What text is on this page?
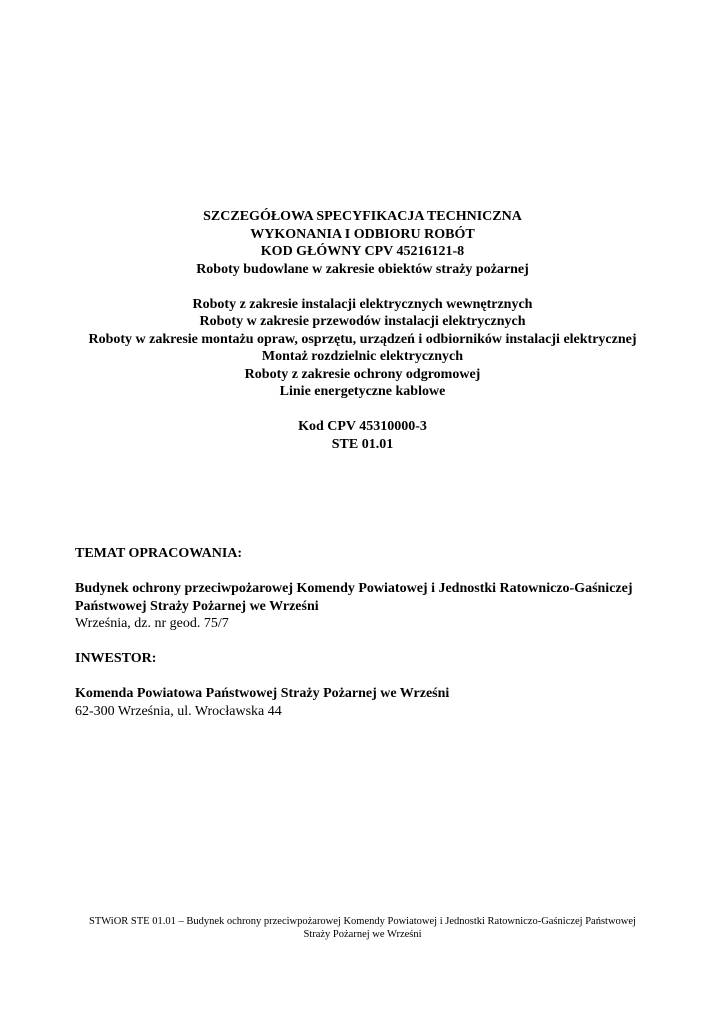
SZCZEGÓŁOWA SPECYFIKACJA TECHNICZNA
WYKONANIA I ODBIORU ROBÓT
KOD GŁÓWNY CPV 45216121-8
Roboty budowlane w zakresie obiektów straży pożarnej
Roboty z zakresie instalacji elektrycznych wewnętrznych
Roboty w zakresie przewodów instalacji elektrycznych
Roboty w zakresie montażu opraw, osprzętu, urządzeń i odbiorników instalacji elektrycznej
Montaż rozdzielnic elektrycznych
Roboty z zakresie ochrony odgromowej
Linie energetyczne kablowe
Kod CPV 45310000-3
STE 01.01
TEMAT OPRACOWANIA:
Budynek ochrony przeciwpożarowej Komendy Powiatowej i Jednostki Ratowniczo-Gaśniczej
Państwowej Straży Pożarnej we Wrześni
Września, dz. nr geod. 75/7
INWESTOR:
Komenda Powiatowa Państwowej Straży Pożarnej we Wrześni
62-300 Września, ul. Wrocławska 44
STWiOR STE 01.01 – Budynek ochrony przeciwpożarowej Komendy Powiatowej i Jednostki Ratowniczo-Gaśniczej Państwowej
Straży Pożarnej we Wrześni
